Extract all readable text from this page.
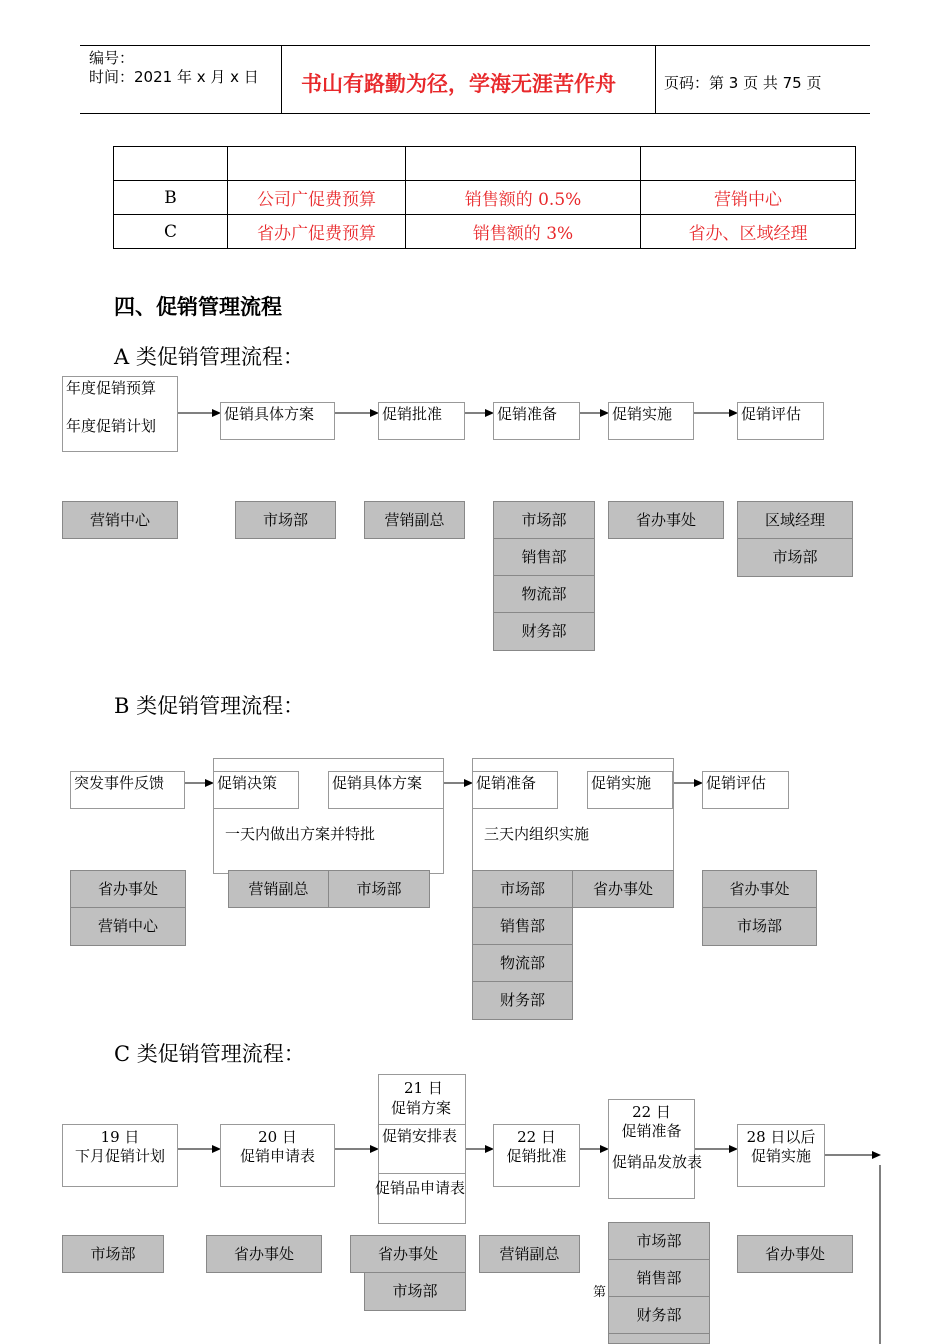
编号：
时间：2021 年 x 月 x 日 书山有路勤为径，学海无涯苦作舟	页码：第 3 页 共 75 页

B	公司广促费预算	销售额的 0.5%	营销中心
C	省办广促费预算	销售额的 3%	省办、区域经理
四、促销管理流程
A 类促销管理流程：
年度促销预算
年度促销计划
促销具体方案	促销批准	促销准备	促销实施	促销评估
营销中心	市场部	营销副总	市场部
销售部
物流部
财务部
省办事处	区域经理
市场部
B 类促销管理流程：
突发事件反馈	促销决策	促销具体方案
一天内做出方案并特批
促销准备	促销实施
三天内组织实施
促销评估
省办事处
营销中心
营销副总	市场部	市场部
销售部
物流部
财务部
省办事处	省办事处
市场部
C 类促销管理流程：
19 日
下月促销计划
20 日
促销申请表
21 日
促销方案
促销安排表
促销品申请表
22 日
促销批准
22 日
促销准备
促销品发放表
28 日以后
促销实施
市场部	省办事处	省办事处
市场部
营销副总
市场部
销售部
财务部
省办事处
第
